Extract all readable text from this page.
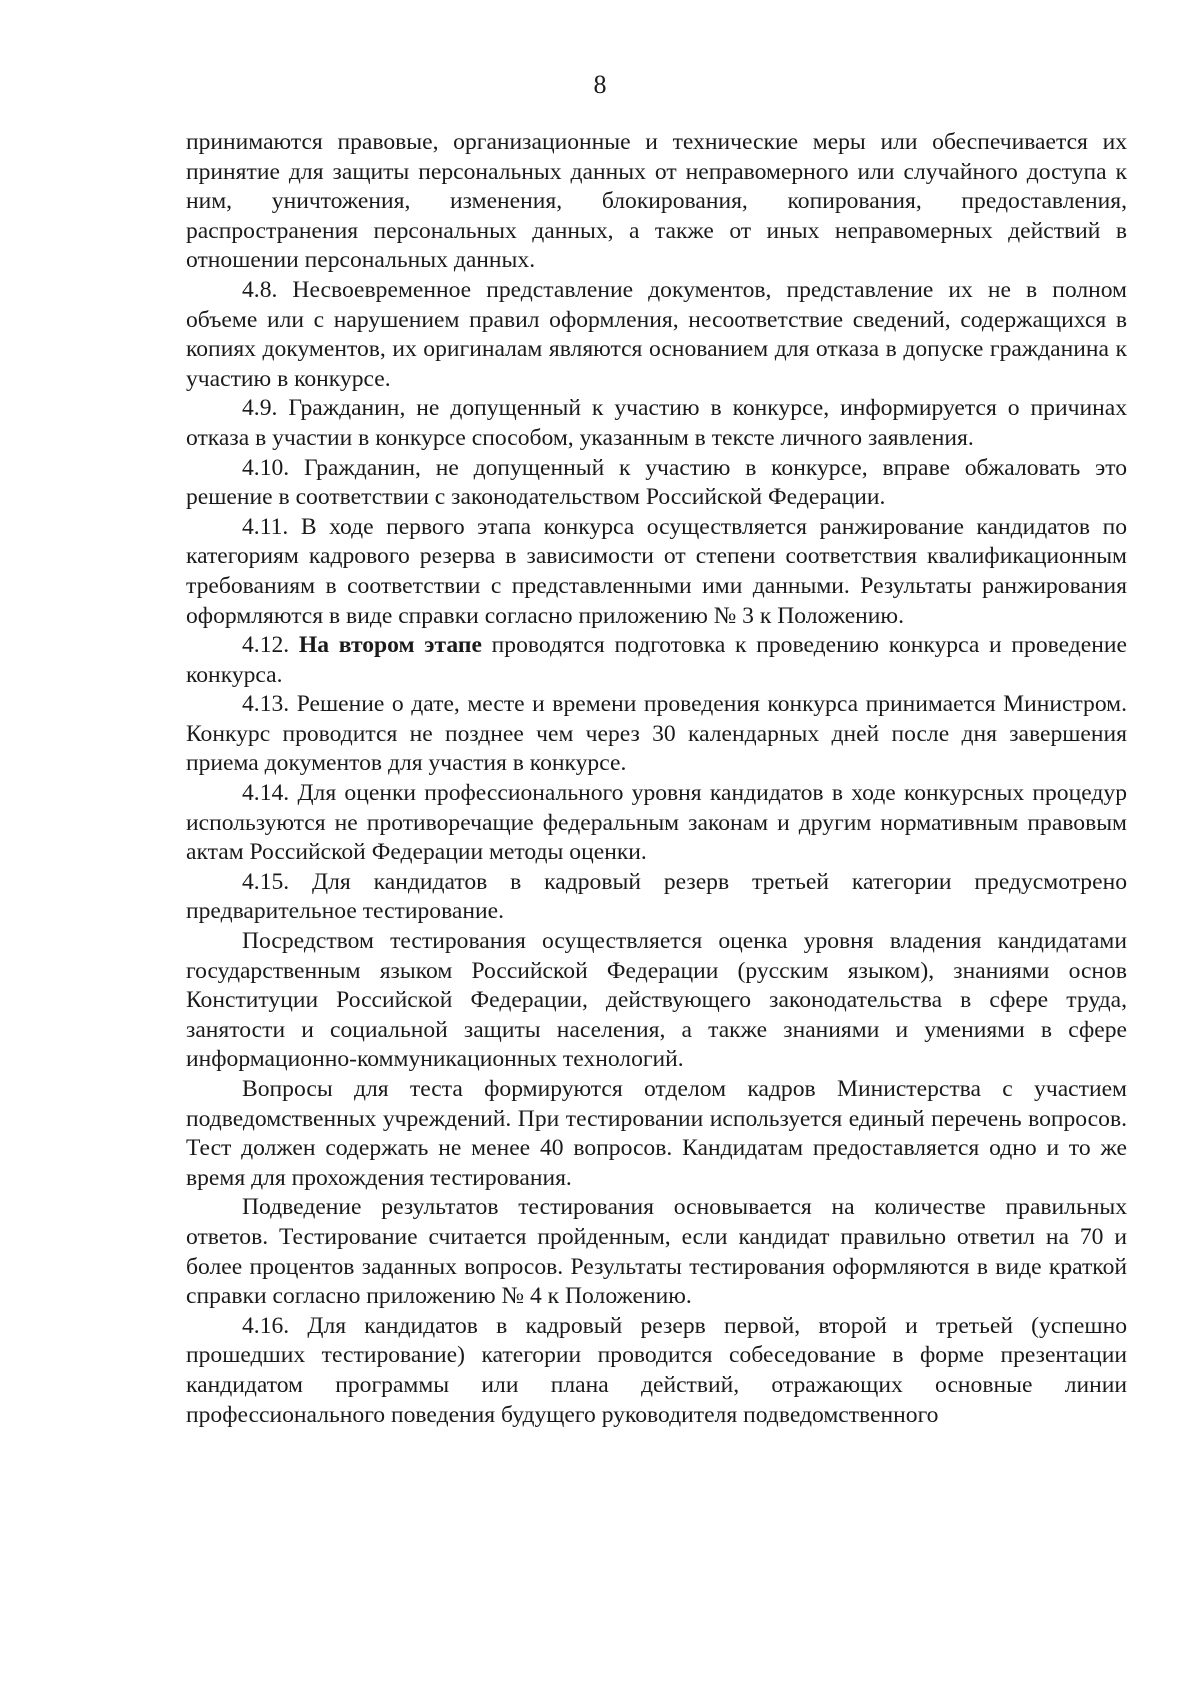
8

принимаются правовые, организационные и технические меры или обеспечивается их принятие для защиты персональных данных от неправомерного или случайного доступа к ним, уничтожения, изменения, блокирования, копирования, предоставления, распространения персональных данных, а также от иных неправомерных действий в отношении персональных данных.

4.8. Несвоевременное представление документов, представление их не в полном объеме или с нарушением правил оформления, несоответствие сведений, содержащихся в копиях документов, их оригиналам являются основанием для отказа в допуске гражданина к участию в конкурсе.

4.9. Гражданин, не допущенный к участию в конкурсе, информируется о причинах отказа в участии в конкурсе способом, указанным в тексте личного заявления.

4.10. Гражданин, не допущенный к участию в конкурсе, вправе обжаловать это решение в соответствии с законодательством Российской Федерации.

4.11. В ходе первого этапа конкурса осуществляется ранжирование кандидатов по категориям кадрового резерва в зависимости от степени соответствия квалификационным требованиям в соответствии с представленными ими данными. Результаты ранжирования оформляются в виде справки согласно приложению № 3 к Положению.

4.12. На втором этапе проводятся подготовка к проведению конкурса и проведение конкурса.

4.13. Решение о дате, месте и времени проведения конкурса принимается Министром. Конкурс проводится не позднее чем через 30 календарных дней после дня завершения приема документов для участия в конкурсе.

4.14. Для оценки профессионального уровня кандидатов в ходе конкурсных процедур используются не противоречащие федеральным законам и другим нормативным правовым актам Российской Федерации методы оценки.

4.15. Для кандидатов в кадровый резерв третьей категории предусмотрено предварительное тестирование.

Посредством тестирования осуществляется оценка уровня владения кандидатами государственным языком Российской Федерации (русским языком), знаниями основ Конституции Российской Федерации, действующего законодательства в сфере труда, занятости и социальной защиты населения, а также знаниями и умениями в сфере информационно-коммуникационных технологий.

Вопросы для теста формируются отделом кадров Министерства с участием подведомственных учреждений. При тестировании используется единый перечень вопросов. Тест должен содержать не менее 40 вопросов. Кандидатам предоставляется одно и то же время для прохождения тестирования.

Подведение результатов тестирования основывается на количестве правильных ответов. Тестирование считается пройденным, если кандидат правильно ответил на 70 и более процентов заданных вопросов. Результаты тестирования оформляются в виде краткой справки согласно приложению № 4 к Положению.

4.16. Для кандидатов в кадровый резерв первой, второй и третьей (успешно прошедших тестирование) категории проводится собеседование в форме презентации кандидатом программы или плана действий, отражающих основные линии профессионального поведения будущего руководителя подведомственного
